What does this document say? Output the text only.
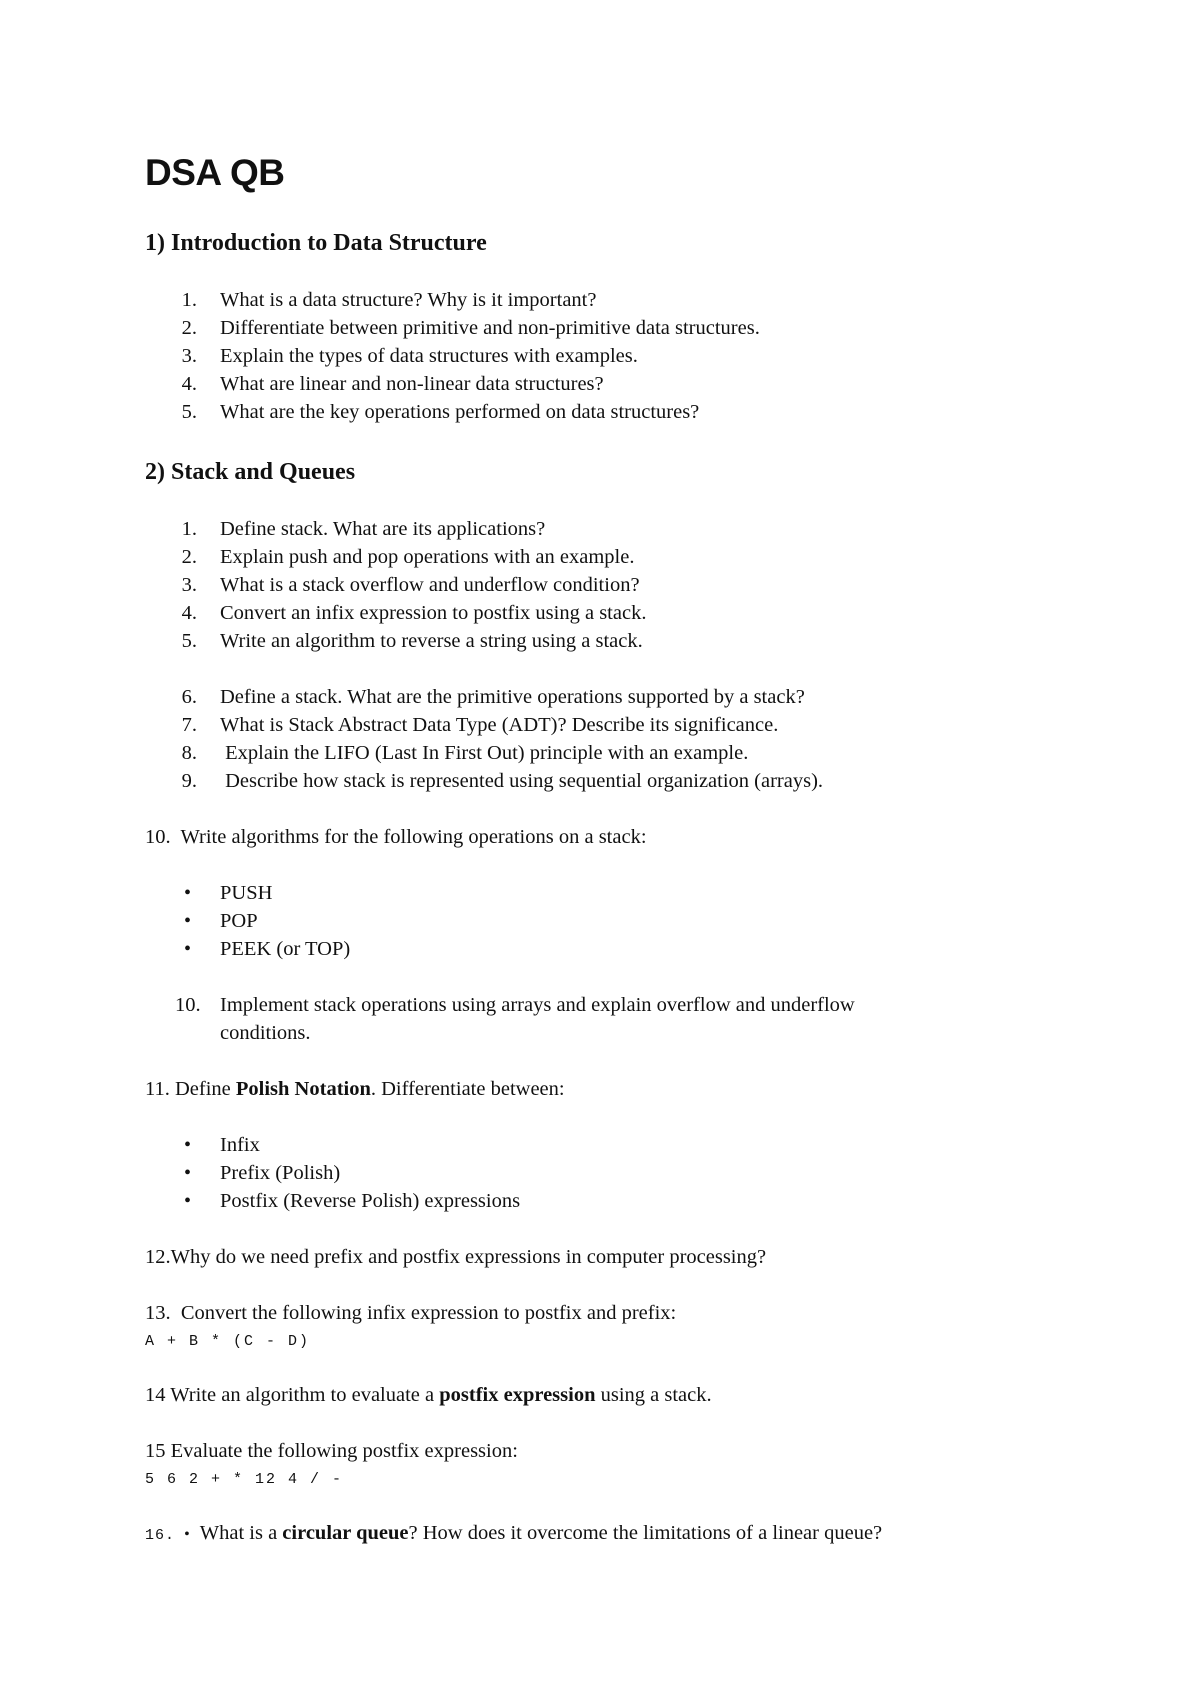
DSA QB
1) Introduction to Data Structure
1. What is a data structure? Why is it important?
2. Differentiate between primitive and non-primitive data structures.
3. Explain the types of data structures with examples.
4. What are linear and non-linear data structures?
5. What are the key operations performed on data structures?
2) Stack and Queues
1. Define stack. What are its applications?
2. Explain push and pop operations with an example.
3. What is a stack overflow and underflow condition?
4. Convert an infix expression to postfix using a stack.
5. Write an algorithm to reverse a string using a stack.
6. Define a stack. What are the primitive operations supported by a stack?
7. What is Stack Abstract Data Type (ADT)? Describe its significance.
8. Explain the LIFO (Last In First Out) principle with an example.
9. Describe how stack is represented using sequential organization (arrays).
10.  Write algorithms for the following operations on a stack:
• PUSH
• POP
• PEEK (or TOP)
10. Implement stack operations using arrays and explain overflow and underflow
conditions.
11. Define Polish Notation. Differentiate between:
• Infix
• Prefix (Polish)
• Postfix (Reverse Polish) expressions
12.Why do we need prefix and postfix expressions in computer processing?
13.  Convert the following infix expression to postfix and prefix:
A + B * (C - D)
14 Write an algorithm to evaluate a postfix expression using a stack.
15 Evaluate the following postfix expression:
5 6 2 + * 12 4 / -
16. • What is a circular queue? How does it overcome the limitations of a linear queue?
